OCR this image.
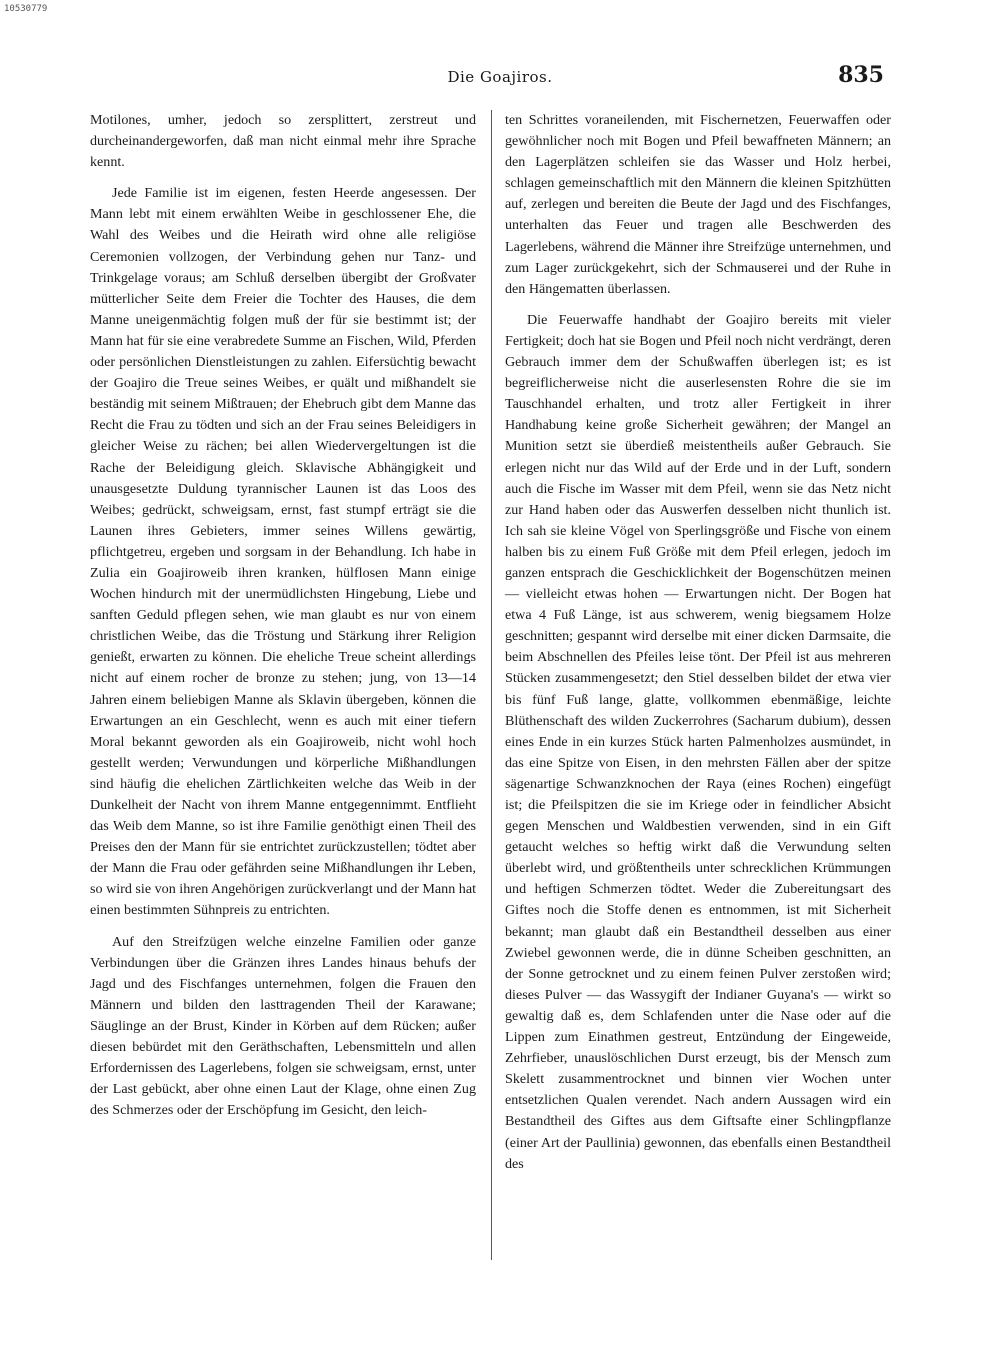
10530779
Die Goajiros.	835

Motilones, umher, jedoch so zersplittert, zerstreut und durcheinandergeworfen, daß man nicht einmal mehr ihre Sprache kennt.

Jede Familie ist im eigenen, festen Heerde angesessen. Der Mann lebt mit einem erwählten Weibe in geschlossener Ehe, die Wahl des Weibes und die Heirath wird ohne alle religiöse Ceremonien vollzogen, der Verbindung gehen nur Tanz- und Trinkgelage voraus; am Schluß derselben übergibt der Großvater mütterlicher Seite dem Freier die Tochter des Hauses, die dem Manne uneigenmächtig folgen muß der für sie bestimmt ist; der Mann hat für sie eine verabredete Summe an Fischen, Wild, Pferden oder persönlichen Dienstleistungen zu zahlen. Eifersüchtig bewacht der Goajiro die Treue seines Weibes, er quält und mißhandelt sie beständig mit seinem Mißtrauen; der Ehebruch gibt dem Manne das Recht die Frau zu tödten und sich an der Frau seines Beleidigers in gleicher Weise zu rächen; bei allen Wiedervergeltungen ist die Rache der Beleidigung gleich. Sklavische Abhängigkeit und unausgesetzte Duldung tyrannischer Launen ist das Loos des Weibes; gedrückt, schweigsam, ernst, fast stumpf erträgt sie die Launen ihres Gebieters, immer seines Willens gewärtig, pflichtgetreu, ergeben und sorgsam in der Behandlung. Ich habe in Zulia ein Goajiroweib ihren kranken, hülflosen Mann einige Wochen hindurch mit der unermüdlichsten Hingebung, Liebe und sanften Geduld pflegen sehen, wie man glaubt es nur von einem christlichen Weibe, das die Tröstung und Stärkung ihrer Religion genießt, erwarten zu können. Die eheliche Treue scheint allerdings nicht auf einem rocher de bronze zu stehen; jung, von 13—14 Jahren einem beliebigen Manne als Sklavin übergeben, können die Erwartungen an ein Geschlecht, wenn es auch mit einer tiefern Moral bekannt geworden als ein Goajiroweib, nicht wohl hoch gestellt werden; Verwundungen und körperliche Mißhandlungen sind häufig die ehelichen Zärtlichkeiten welche das Weib in der Dunkelheit der Nacht von ihrem Manne entgegennimmt. Entflieht das Weib dem Manne, so ist ihre Familie genöthigt einen Theil des Preises den der Mann für sie entrichtet zurückzustellen; tödtet aber der Mann die Frau oder gefährden seine Mißhandlungen ihr Leben, so wird sie von ihren Angehörigen zurückverlangt und der Mann hat einen bestimmten Sühnpreis zu entrichten.

Auf den Streifzügen welche einzelne Familien oder ganze Verbindungen über die Gränzen ihres Landes hinaus behufs der Jagd und des Fischfanges unternehmen, folgen die Frauen den Männern und bilden den lasttragenden Theil der Karawane; Säuglinge an der Brust, Kinder in Körben auf dem Rücken; außer diesen bebürdet mit den Geräthschaften, Lebensmitteln und allen Erfordernissen des Lagerlebens, folgen sie schweigsam, ernst, unter der Last gebückt, aber ohne einen Laut der Klage, ohne einen Zug des Schmerzes oder der Erschöpfung im Gesicht, den leich-

ten Schrittes voraneilenden, mit Fischernetzen, Feuerwaffen oder gewöhnlicher noch mit Bogen und Pfeil bewaffneten Männern; an den Lagerplätzen schleifen sie das Wasser und Holz herbei, schlagen gemeinschaftlich mit den Männern die kleinen Spitzhütten auf, zerlegen und bereiten die Beute der Jagd und des Fischfanges, unterhalten das Feuer und tragen alle Beschwerden des Lagerlebens, während die Männer ihre Streifzüge unternehmen, und zum Lager zurückgekehrt, sich der Schmauserei und der Ruhe in den Hängematten überlassen.

Die Feuerwaffe handhabt der Goajiro bereits mit vieler Fertigkeit; doch hat sie Bogen und Pfeil noch nicht verdrängt, deren Gebrauch immer dem der Schußwaffen überlegen ist; es ist begreiflicherweise nicht die auserlesensten Rohre die sie im Tauschhandel erhalten, und trotz aller Fertigkeit in ihrer Handhabung keine große Sicherheit gewähren; der Mangel an Munition setzt sie überdieß meistentheils außer Gebrauch. Sie erlegen nicht nur das Wild auf der Erde und in der Luft, sondern auch die Fische im Wasser mit dem Pfeil, wenn sie das Netz nicht zur Hand haben oder das Auswerfen desselben nicht thunlich ist. Ich sah sie kleine Vögel von Sperlingsgröße und Fische von einem halben bis zu einem Fuß Größe mit dem Pfeil erlegen, jedoch im ganzen entsprach die Geschicklichkeit der Bogenschützen meinen — vielleicht etwas hohen — Erwartungen nicht. Der Bogen hat etwa 4 Fuß Länge, ist aus schwerem, wenig biegsamem Holze geschnitten; gespannt wird derselbe mit einer dicken Darmsaite, die beim Abschnellen des Pfeiles leise tönt. Der Pfeil ist aus mehreren Stücken zusammengesetzt; den Stiel desselben bildet der etwa vier bis fünf Fuß lange, glatte, vollkommen ebenmäßige, leichte Blüthenschaft des wilden Zuckerrohres (Sacharum dubium), dessen eines Ende in ein kurzes Stück harten Palmenholzes ausmündet, in das eine Spitze von Eisen, in den mehrsten Fällen aber der spitze sägenartige Schwanzknochen der Raya (eines Rochen) eingefügt ist; die Pfeilspitzen die sie im Kriege oder in feindlicher Absicht gegen Menschen und Waldbestien verwenden, sind in ein Gift getaucht welches so heftig wirkt daß die Verwundung selten überlebt wird, und größtentheils unter schrecklichen Krümmungen und heftigen Schmerzen tödtet. Weder die Zubereitungsart des Giftes noch die Stoffe denen es entnommen, ist mit Sicherheit bekannt; man glaubt daß ein Bestandtheil desselben aus einer Zwiebel gewonnen werde, die in dünne Scheiben geschnitten, an der Sonne getrocknet und zu einem feinen Pulver zerstoßen wird; dieses Pulver — das Wassygift der Indianer Guyana's — wirkt so gewaltig daß es, dem Schlafenden unter die Nase oder auf die Lippen zum Einathmen gestreut, Entzündung der Eingeweide, Zehrfieber, unauslöschlichen Durst erzeugt, bis der Mensch zum Skelett zusammentrocknet und binnen vier Wochen unter entsetzlichen Qualen verendet. Nach andern Aussagen wird ein Bestandtheil des Giftes aus dem Giftsafte einer Schlingpflanze (einer Art der Paullinia) gewonnen, das ebenfalls einen Bestandtheil des
